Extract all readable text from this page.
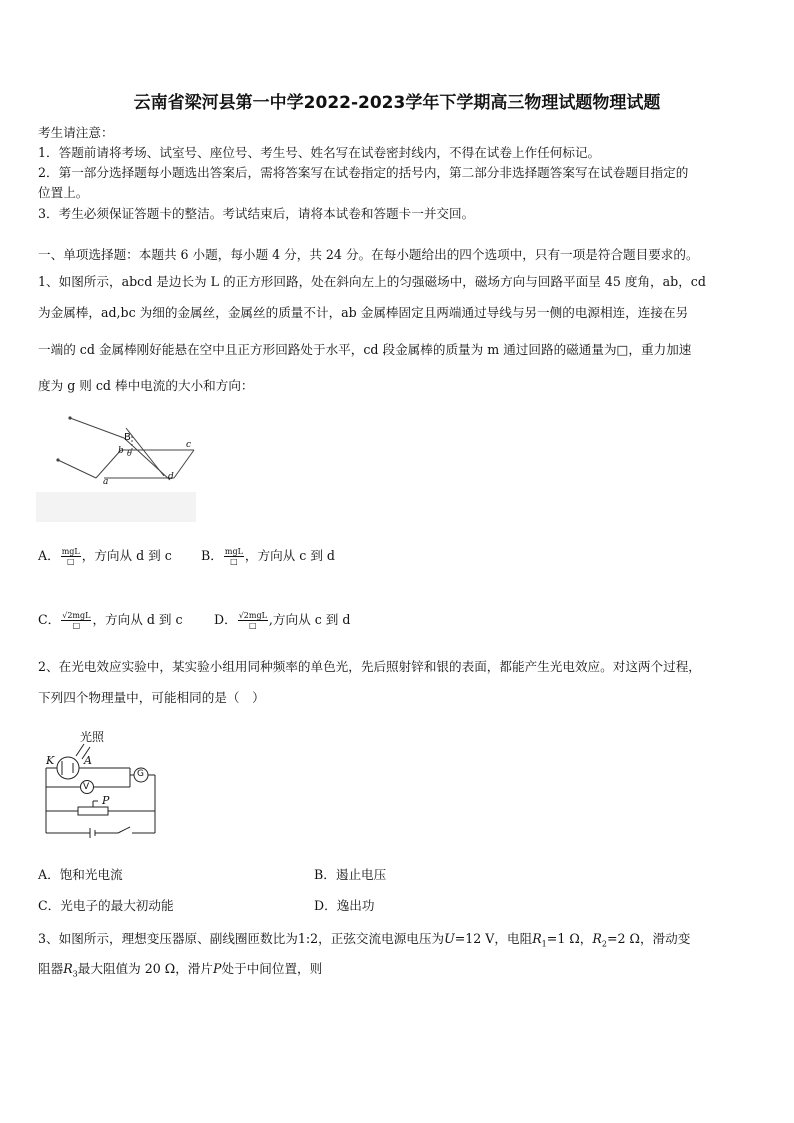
云南省梁河县第一中学2022-2023学年下学期高三物理试题物理试题
考生请注意：
1．答题前请将考场、试室号、座位号、考生号、姓名写在试卷密封线内，不得在试卷上作任何标记。
2．第一部分选择题每小题选出答案后，需将答案写在试卷指定的括号内，第二部分非选择题答案写在试卷题目指定的
位置上。
3．考生必须保证答题卡的整洁。考试结束后，请将本试卷和答题卡一并交回。
一、单项选择题：本题共 6 小题，每小题 4 分，共 24 分。在每小题给出的四个选项中，只有一项是符合题目要求的。
1、如图所示，abcd 是边长为 L 的正方形回路，处在斜向左上的匀强磁场中，磁场方向与回路平面呈 45 度角，ab，cd
为金属棒，ad,bc 为细的金属丝，金属丝的质量不计，ab 金属棒固定且两端通过导线与另一侧的电源相连，连接在另
一端的 cd 金属棒刚好能悬在空中且正方形回路处于水平，cd 段金属棒的质量为 m 通过回路的磁通量为□，重力加速
度为 g 则 cd 棒中电流的大小和方向：
B
b θ
c
a	d
A． $\frac{\text{mgL}}{□}$ ，方向从 d 到 c B． $\frac{\text{mgL}}{□}$ ，方向从 c 到 d
C． $\frac{\text{√2mgL}}{□}$ ，方向从 d 到 c D． $\frac{\text{√2mgL}}{□}$ ,方向从 c 到 d
2、在光电效应实验中，某实验小组用同种频率的单色光，先后照射锌和银的表面，都能产生光电效应。对这两个过程，
下列四个物理量中，可能相同的是（　）
光照
K	A
G
V
P
A．饱和光电流	B．遏止电压
C．光电子的最大初动能	D．逸出功
3、如图所示，理想变压器原、副线圈匝数比为1:2，正弦交流电源电压为U=12 V，电阻$R_1=1$ Ω，$R_2=2$ Ω，滑动变
阻器$R_3$最大阻值为 20 Ω，滑片P处于中间位置，则
